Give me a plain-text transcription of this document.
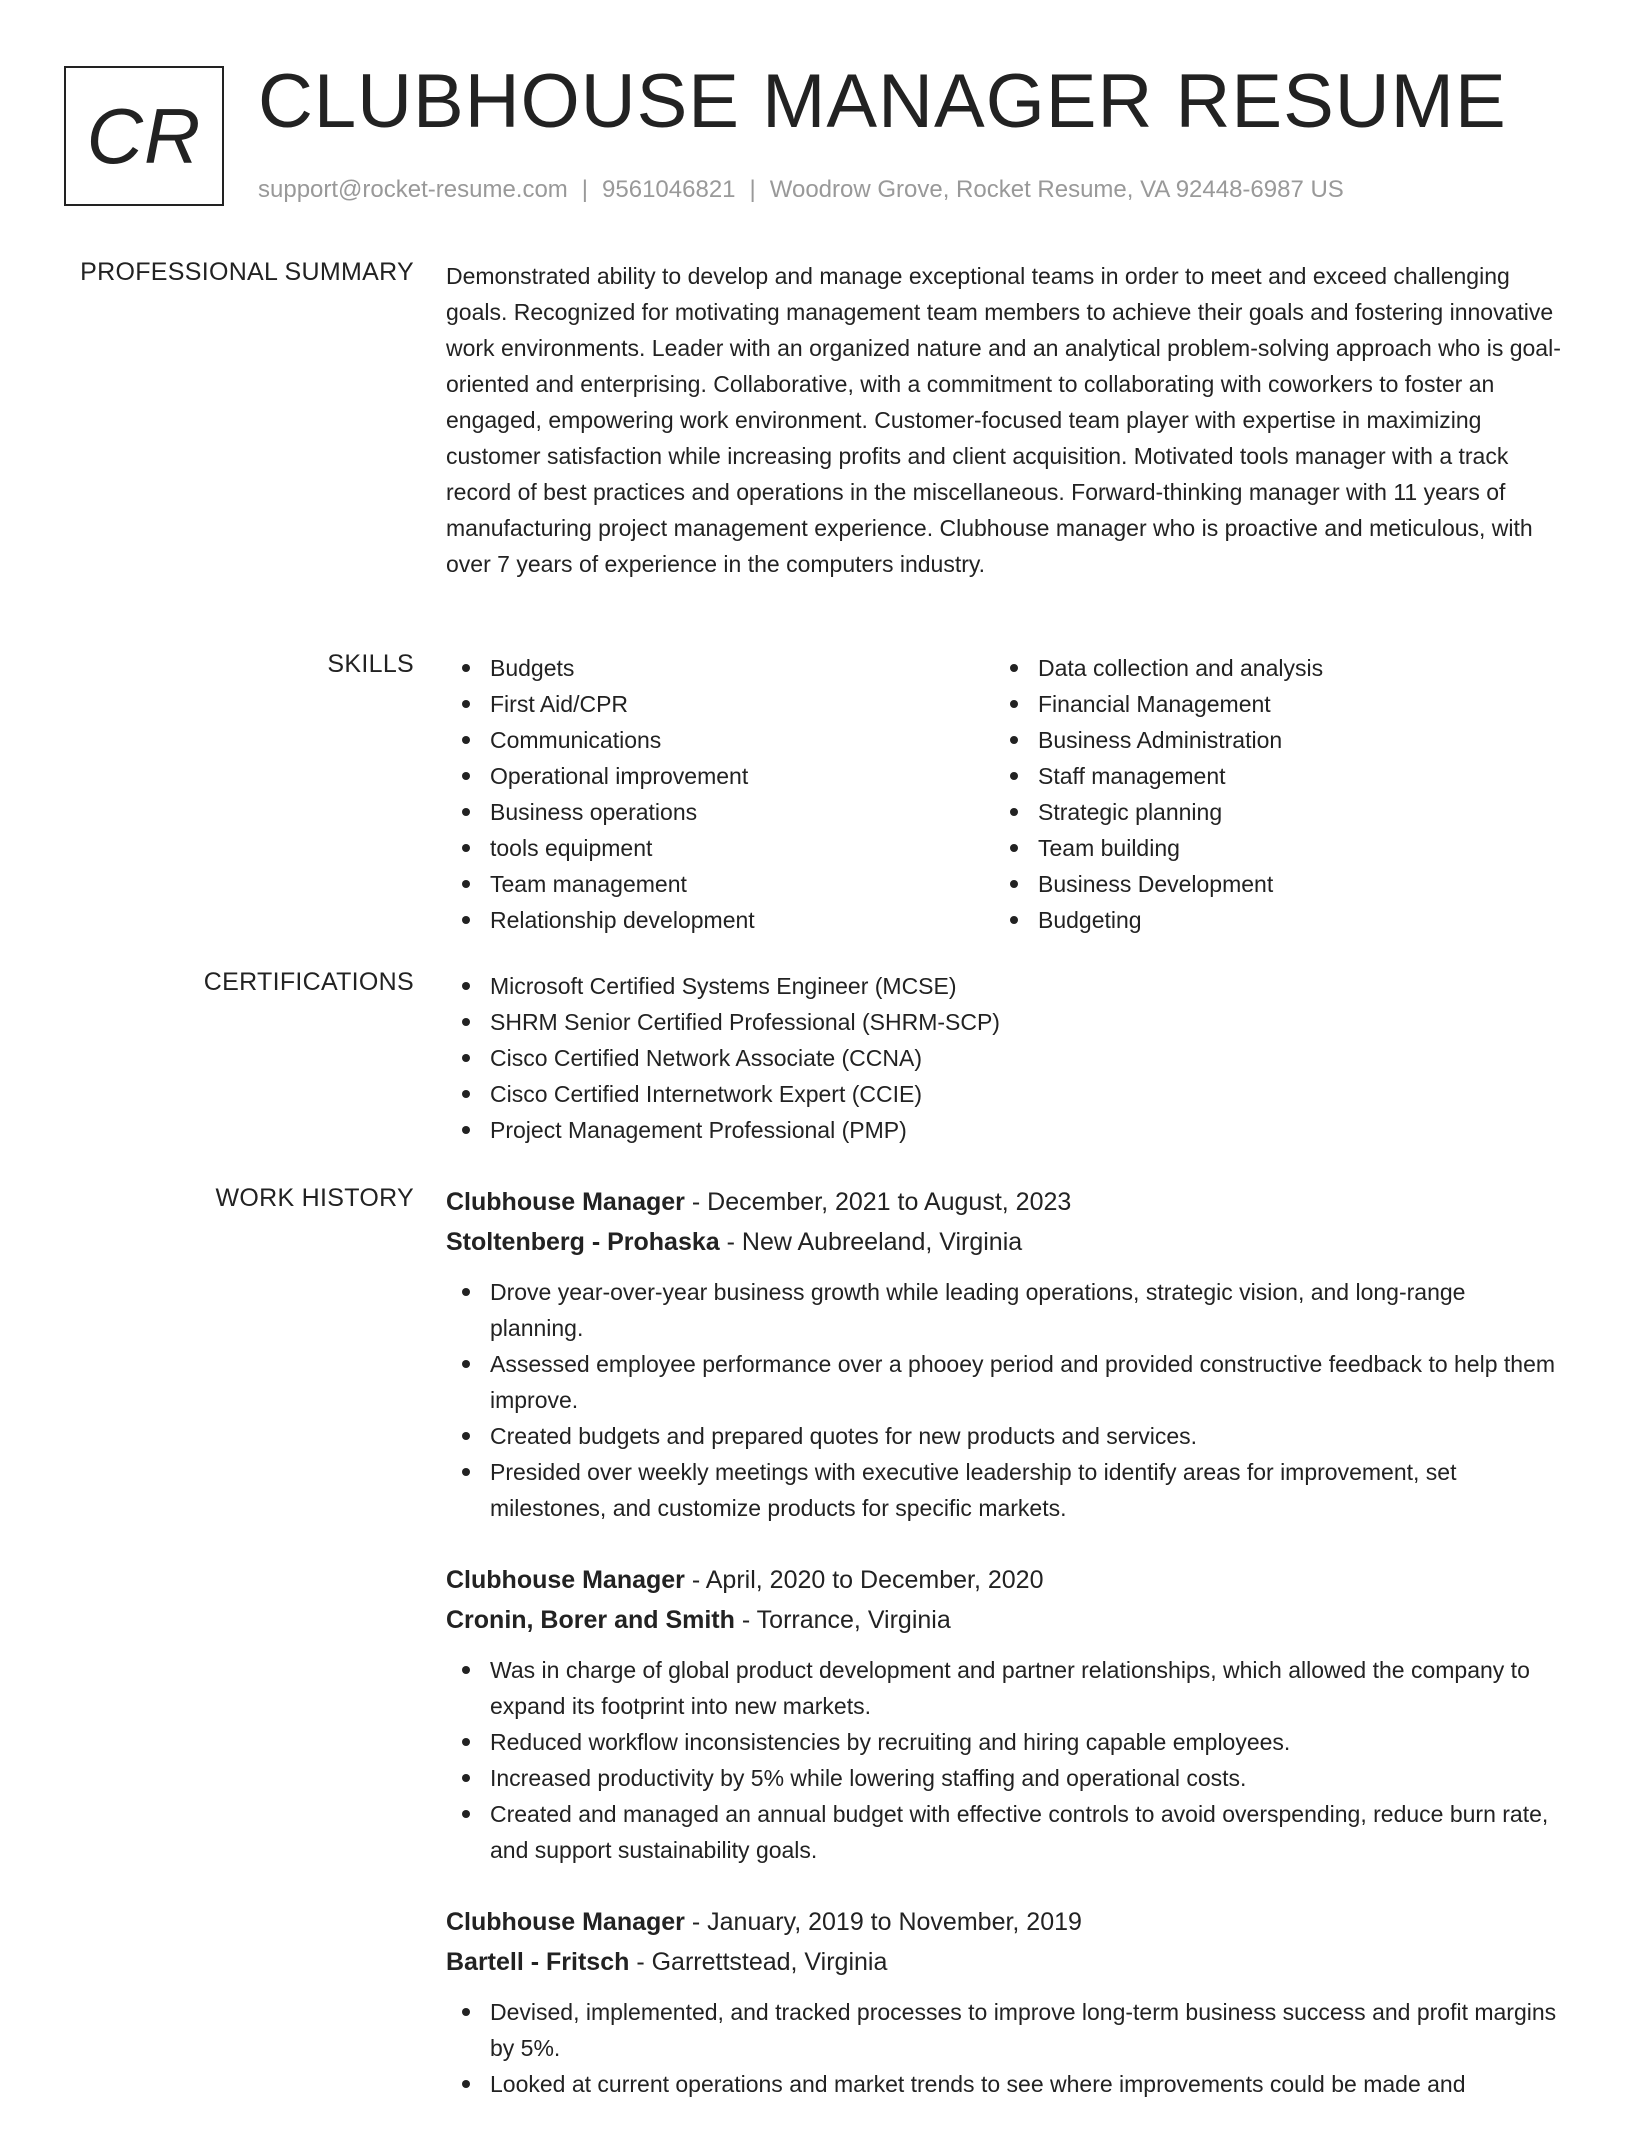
CR CLUBHOUSE MANAGER RESUME
support@rocket-resume.com | 9561046821 | Woodrow Grove, Rocket Resume, VA 92448-6987 US
PROFESSIONAL SUMMARY Demonstrated ability to develop and manage exceptional teams in order to meet and exceed challenging goals. Recognized for motivating management team members to achieve their goals and fostering innovative work environments. Leader with an organized nature and an analytical problem-solving approach who is goal-oriented and enterprising. Collaborative, with a commitment to collaborating with coworkers to foster an engaged, empowering work environment. Customer-focused team player with expertise in maximizing customer satisfaction while increasing profits and client acquisition. Motivated tools manager with a track record of best practices and operations in the miscellaneous. Forward-thinking manager with 11 years of manufacturing project management experience. Clubhouse manager who is proactive and meticulous, with over 7 years of experience in the computers industry.

SKILLS	Budgets
First Aid/CPR
Communications
Operational improvement
Business operations
tools equipment
Team management
Relationship development
Data collection and analysis
Financial Management
Business Administration
Staff management
Strategic planning
Team building
Business Development
Budgeting
CERTIFICATIONS	Microsoft Certified Systems Engineer (MCSE)
SHRM Senior Certified Professional (SHRM-SCP)
Cisco Certified Network Associate (CCNA)
Cisco Certified Internetwork Expert (CCIE)
Project Management Professional (PMP)
WORK HISTORY Clubhouse Manager - December, 2021 to August, 2023
Stoltenberg - Prohaska - New Aubreeland, Virginia
Drove year-over-year business growth while leading operations, strategic vision, and long-range planning.
Assessed employee performance over a phooey period and provided constructive feedback to help them improve.
Created budgets and prepared quotes for new products and services.
Presided over weekly meetings with executive leadership to identify areas for improvement, set milestones, and customize products for specific markets.
Clubhouse Manager - April, 2020 to December, 2020
Cronin, Borer and Smith - Torrance, Virginia
Was in charge of global product development and partner relationships, which allowed the company to expand its footprint into new markets.
Reduced workflow inconsistencies by recruiting and hiring capable employees.
Increased productivity by 5% while lowering staffing and operational costs.
Created and managed an annual budget with effective controls to avoid overspending, reduce burn rate, and support sustainability goals.
Clubhouse Manager - January, 2019 to November, 2019
Bartell - Fritsch - Garrettstead, Virginia
Devised, implemented, and tracked processes to improve long-term business success and profit margins by 5%.
Looked at current operations and market trends to see where improvements could be made and
